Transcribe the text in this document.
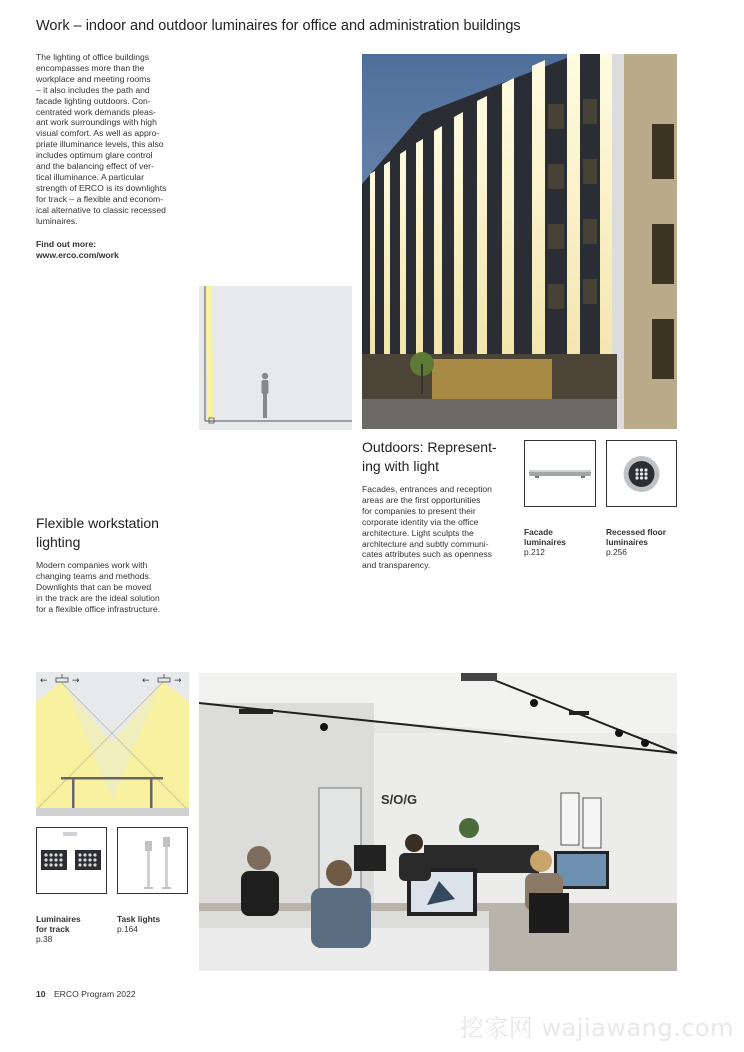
Work – indoor and outdoor luminaires for office and administration buildings
The lighting of office buildings
encompasses more than the
workplace and meeting rooms
– it also includes the path and
facade lighting outdoors. Con-
centrated work demands pleas-
ant work surroundings with high
visual comfort. As well as appro-
priate illuminance levels, this also
includes optimum glare control
and the balancing effect of ver-
tical illuminance. A particular
strength of ERCO is its downlights
for track – a flexible and econom-
ical alternative to classic recessed
luminaires.
Find out more:
www.erco.com/work
Outdoors: Represent-
ing with light
Facades, entrances and reception
areas are the first opportunities
for companies to present their
corporate identity via the office
architecture. Light sculpts the
architecture and subtly communi-
cates attributes such as openness
and transparency.

Facade
luminaires

p.212

Recessed floor
luminaires

p.256

Flexible workstation
lighting
Modern companies work with
changing teams and methods.
Downlights that can be moved
in the track are the ideal solution
for a flexible office infrastructure.
←	→	←	→

Luminaires
for track

p.38

Task lights

p.164

S/O/G
10 ERCO Program 2022
挖家网 wajiawang.com
